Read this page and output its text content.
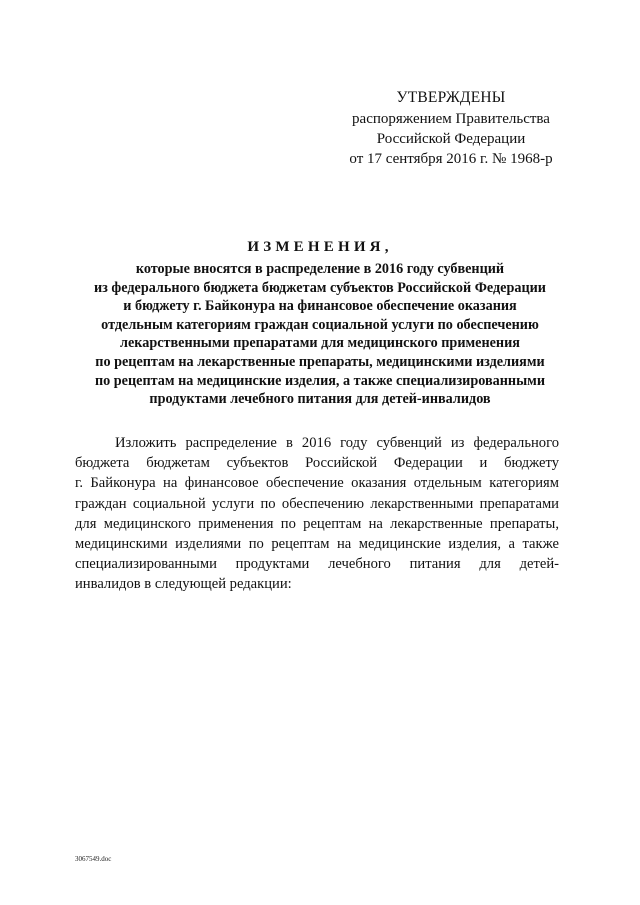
УТВЕРЖДЕНЫ
распоряжением Правительства
Российской Федерации
от 17 сентября 2016 г. № 1968-р
ИЗМЕНЕНИЯ,
которые вносятся в распределение в 2016 году субвенций
из федерального бюджета бюджетам субъектов Российской Федерации
и бюджету г. Байконура на финансовое обеспечение оказания
отдельным категориям граждан социальной услуги по обеспечению
лекарственными препаратами для медицинского применения
по рецептам на лекарственные препараты, медицинскими изделиями
по рецептам на медицинские изделия, а также специализированными
продуктами лечебного питания для детей-инвалидов
Изложить распределение в 2016 году субвенций из федерального
бюджета бюджетам субъектов Российской Федерации и бюджету
г. Байконура на финансовое обеспечение оказания отдельным категориям
граждан социальной услуги по обеспечению лекарственными препаратами
для медицинского применения по рецептам на лекарственные препараты,
медицинскими изделиями по рецептам на медицинские изделия, а также
специализированными продуктами лечебного питания для детей-
инвалидов в следующей редакции:
3067549.doc
